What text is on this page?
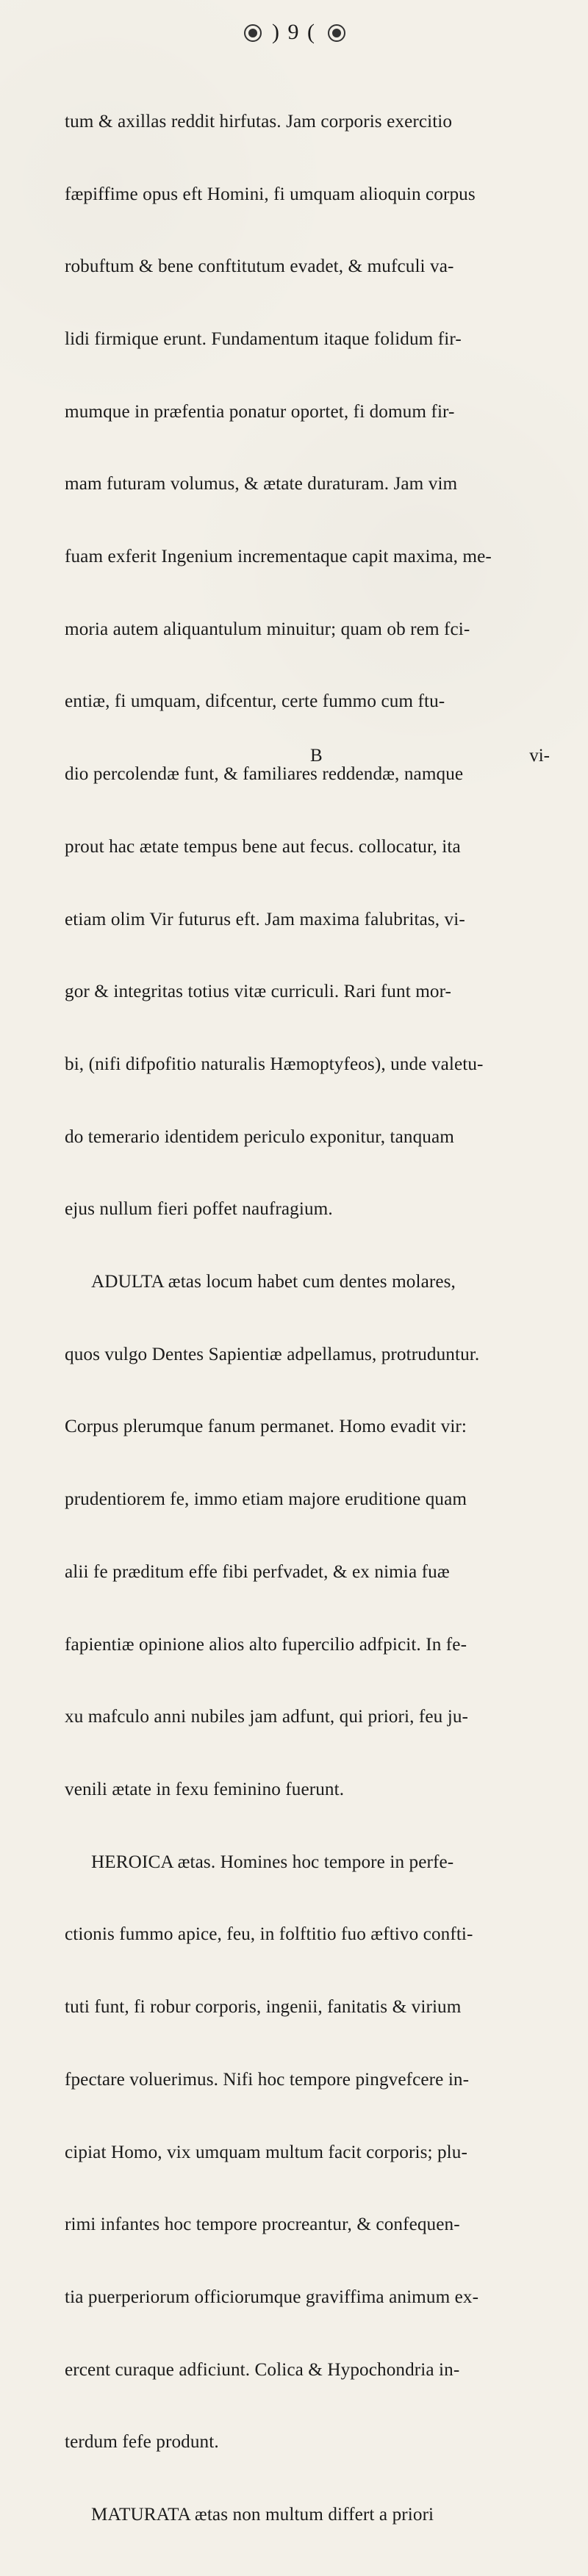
) 9 (

tum & axillas reddit hirfutas. Jam corporis exercitio

fæpiffime opus eft Homini, fi umquam alioquin corpus

robuftum & bene conftitutum evadet, & mufculi va-

lidi firmique erunt. Fundamentum itaque folidum fir-

mumque in præfentia ponatur oportet, fi domum fir-

mam futuram volumus, & ætate duraturam. Jam vim

fuam exferit Ingenium incrementaque capit maxima, me-

moria autem aliquantulum minuitur; quam ob rem fci-

entiæ, fi umquam, difcentur, certe fummo cum ftu-

dio percolendæ funt, & familiares reddendæ, namque

prout hac ætate tempus bene aut fecus. collocatur, ita

etiam olim Vir futurus eft. Jam maxima falubritas, vi-

gor & integritas totius vitæ curriculi. Rari funt mor-

bi, (nifi difpofitio naturalis Hæmoptyfeos), unde valetu-

do temerario identidem periculo exponitur, tanquam

ejus nullum fieri poffet naufragium.

ADULTA ætas locum habet cum dentes molares,

quos vulgo Dentes Sapientiæ adpellamus, protruduntur.

Corpus plerumque fanum permanet. Homo evadit vir:

prudentiorem fe, immo etiam majore eruditione quam

alii fe præditum effe fibi perfvadet, & ex nimia fuæ

fapientiæ opinione alios alto fupercilio adfpicit. In fe-

xu mafculo anni nubiles jam adfunt, qui priori, feu ju-

venili ætate in fexu feminino fuerunt.

HEROICA ætas. Homines hoc tempore in perfe-

ctionis fummo apice, feu, in folftitio fuo æftivo confti-

tuti funt, fi robur corporis, ingenii, fanitatis & virium

fpectare voluerimus. Nifi hoc tempore pingvefcere in-

cipiat Homo, vix umquam multum facit corporis; plu-

rimi infantes hoc tempore procreantur, & confequen-

tia puerperiorum officiorumque graviffima animum ex-

ercent curaque adficiunt. Colica & Hypochondria in-

terdum fefe produnt.

MATURATA ætas non multum differt a priori

B	vi-
